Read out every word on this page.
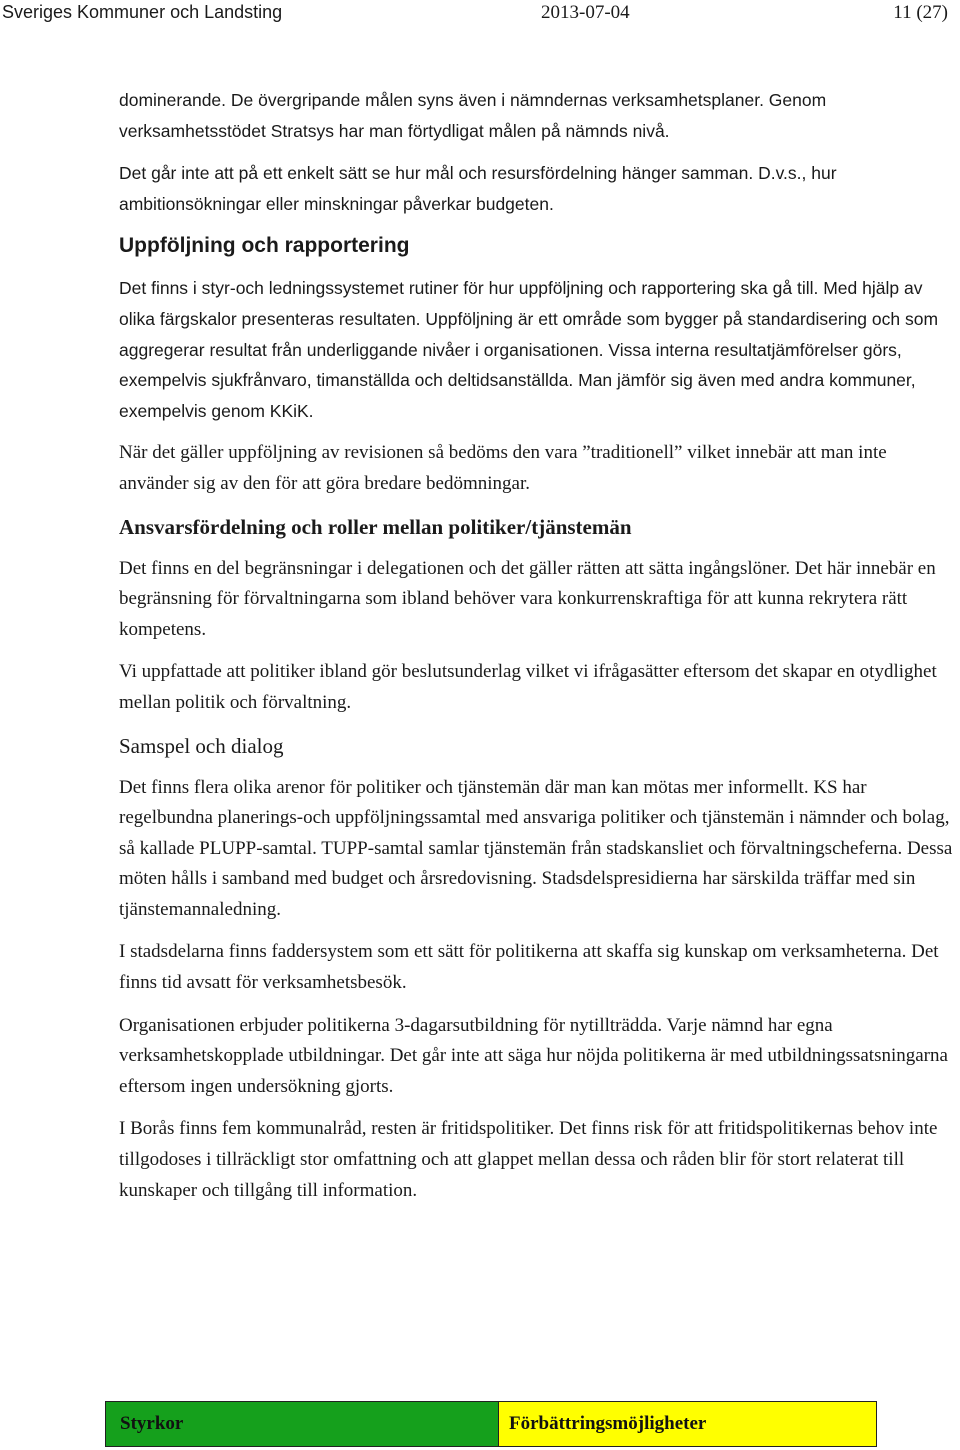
Sveriges Kommuner och Landsting	2013-07-04	11 (27)

dominerande. De övergripande målen syns även i nämndernas verksamhetsplaner. Genom verksamhetsstödet Stratsys har man förtydligat målen på nämnds nivå.

Det går inte att på ett enkelt sätt se hur mål och resursfördelning hänger samman. D.v.s., hur ambitionsökningar eller minskningar påverkar budgeten.

Uppföljning och rapportering

Det finns i styr-och ledningssystemet rutiner för hur uppföljning och rapportering ska gå till. Med hjälp av olika färgskalor presenteras resultaten. Uppföljning är ett område som bygger på standardisering och som aggregerar resultat från underliggande nivåer i organisationen. Vissa interna resultatjämförelser görs, exempelvis sjukfrånvaro, timanställda och deltidsanställda. Man jämför sig även med andra kommuner, exempelvis genom KKiK.

När det gäller uppföljning av revisionen så bedöms den vara ”traditionell” vilket innebär att man inte använder sig av den för att göra bredare bedömningar.

Ansvarsfördelning och roller mellan politiker/tjänstemän

Det finns en del begränsningar i delegationen och det gäller rätten att sätta ingångslöner. Det här innebär en begränsning för förvaltningarna som ibland behöver vara konkurrenskraftiga för att kunna rekrytera rätt kompetens.

Vi uppfattade att politiker ibland gör beslutsunderlag vilket vi ifrågasätter eftersom det skapar en otydlighet mellan politik och förvaltning.

Samspel och dialog

Det finns flera olika arenor för politiker och tjänstemän där man kan mötas mer informellt. KS har regelbundna planerings-och uppföljningssamtal med ansvariga politiker och tjänstemän i nämnder och bolag, så kallade PLUPP-samtal. TUPP-samtal samlar tjänstemän från stadskansliet och förvaltningscheferna. Dessa möten hålls i samband med budget och årsredovisning. Stadsdelspresidierna har särskilda träffar med sin tjänstemannaledning.

I stadsdelarna finns faddersystem som ett sätt för politikerna att skaffa sig kunskap om verksamheterna. Det finns tid avsatt för verksamhetsbesök.

Organisationen erbjuder politikerna 3-dagarsutbildning för nytillträdda. Varje nämnd har egna verksamhetskopplade utbildningar. Det går inte att säga hur nöjda politikerna är med utbildningssatsningarna eftersom ingen undersökning gjorts.

I Borås finns fem kommunalråd, resten är fritidspolitiker. Det finns risk för att fritidspolitikernas behov inte tillgodoses i tillräckligt stor omfattning och att glappet mellan dessa och råden blir för stort relaterat till kunskaper och tillgång till information.

Styrkor	Förbättringsmöjligheter
